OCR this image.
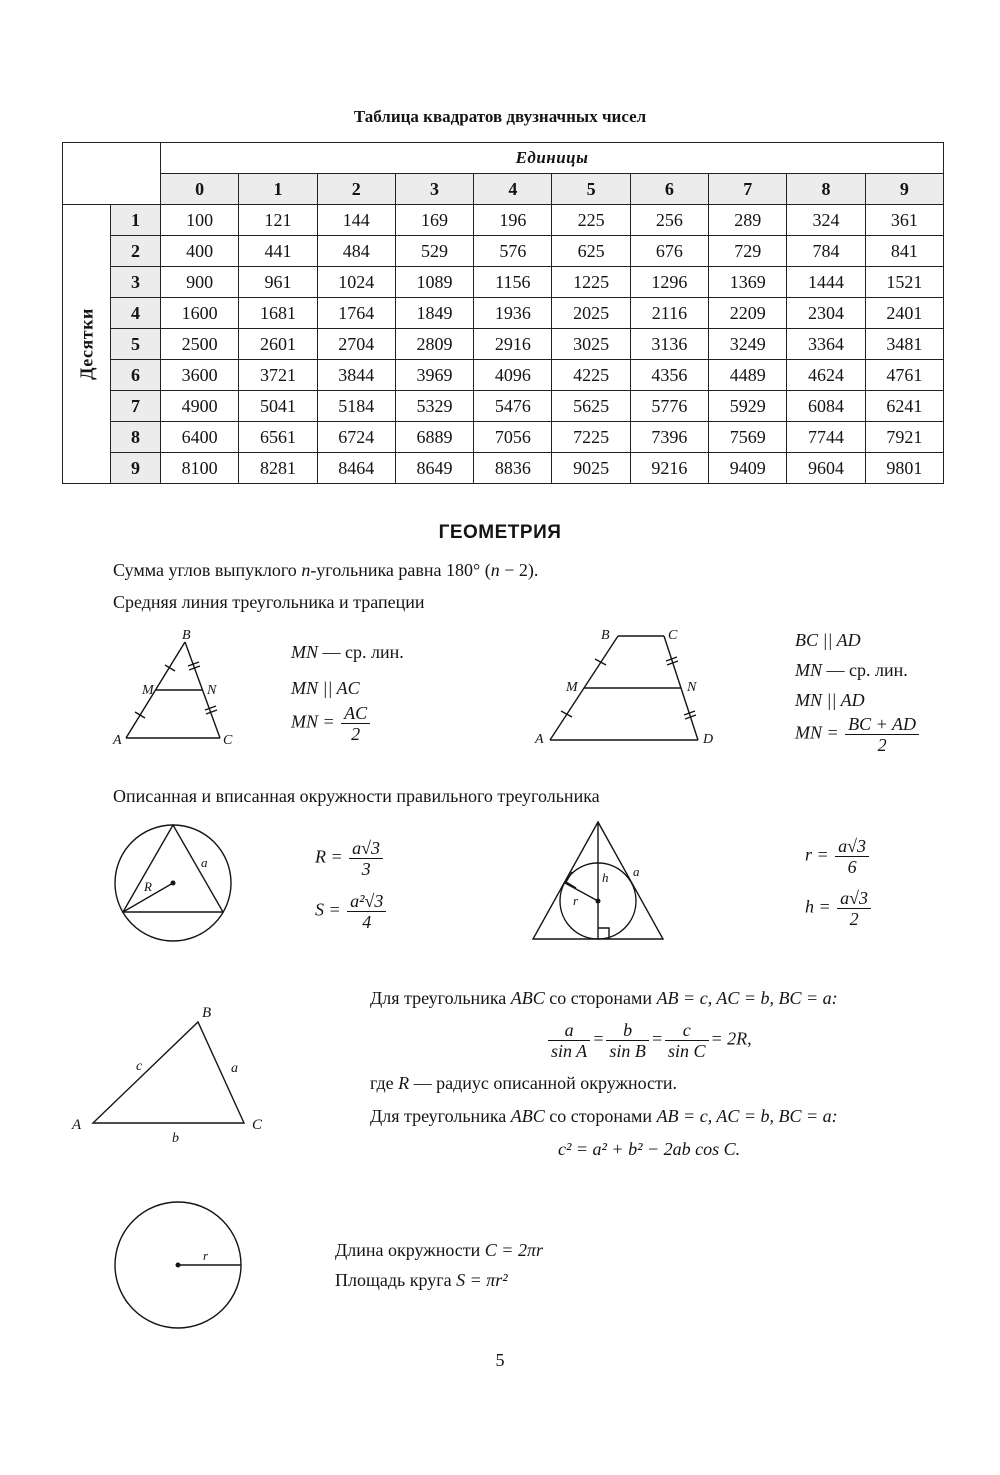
Таблица квадратов двузначных чисел
		Единицы									
		0	1	2	3	4	5	6	7	8	9

Десятки	1	100	121	144	169	196	225	256	289	324	361
	2	400	441	484	529	576	625	676	729	784	841
	3	900	961	1024	1089	1156	1225	1296	1369	1444	1521
	4	1600	1681	1764	1849	1936	2025	2116	2209	2304	2401
	5	2500	2601	2704	2809	2916	3025	3136	3249	3364	3481
	6	3600	3721	3844	3969	4096	4225	4356	4489	4624	4761
	7	4900	5041	5184	5329	5476	5625	5776	5929	6084	6241
	8	6400	6561	6724	6889	7056	7225	7396	7569	7744	7921
	9	8100	8281	8464	8649	8836	9025	9216	9409	9604	9801
ГЕОМЕТРИЯ
Сумма углов выпуклого n-угольника равна 180° (n − 2).
Средняя линия треугольника и трапеции
B
M	N
A	C
MN — ср. лин.
MN || AC
MN = $\frac{AC}{2}$
B	C
M	N
A	D
BC || AD
MN — ср. лин.
MN || AD
MN = $\frac{BC + AD}{2}$
Описанная и вписанная окружности правильного треугольника
R
a	$R = \frac{a√3}{3}$
$S = \frac{\text{a²√3}}{4}$	r
h a
$r = \frac{a√3}{6}$
$h = \frac{a√3}{2}$
B
A	C
c	a
b
Для треугольника ABC со сторонами AB = c, AC = b, BC = a:
$\frac{a}{\text{sin A}} = \frac{b}{\text{sin B}} = \frac{c}{\text{sin C}} = 2R$,
где R — радиус описанной окружности.
Для треугольника ABC со сторонами AB = c, AC = b, BC = a:
c² = a² + b² − 2ab cos C.
r	Длина окружности C = 2πr
Площадь круга S = πr²
5
